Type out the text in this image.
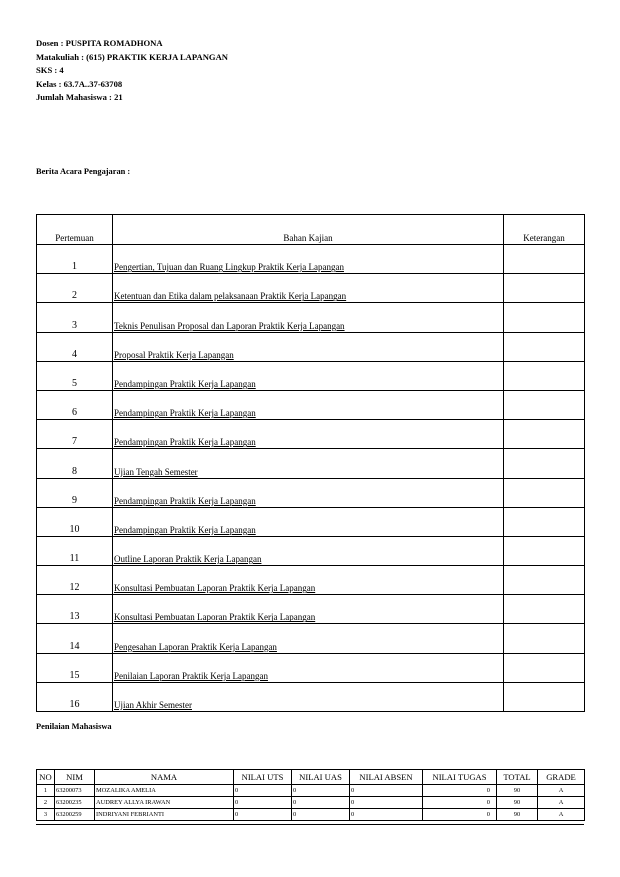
Dosen : PUSPITA ROMADHONA
Matakuliah : (615) PRAKTIK KERJA LAPANGAN
SKS : 4
Kelas : 63.7A..37-63708
Jumlah Mahasiswa : 21
Berita Acara Pengajaran :
Pertemuan	Bahan Kajian	Keterangan
1	Pengertian, Tujuan dan Ruang Lingkup Praktik Kerja Lapangan	
2	Ketentuan dan Etika dalam pelaksanaan Praktik Kerja Lapangan	
3	Teknis Penulisan Proposal dan Laporan Praktik Kerja Lapangan	
4	Proposal Praktik Kerja Lapangan	
5	Pendampingan Praktik Kerja Lapangan	
6	Pendampingan Praktik Kerja Lapangan	
7	Pendampingan Praktik Kerja Lapangan	
8	Ujian Tengah Semester	
9	Pendampingan Praktik Kerja Lapangan	
10	Pendampingan Praktik Kerja Lapangan	
11	Outline Laporan Praktik Kerja Lapangan	
12	Konsultasi Pembuatan Laporan Praktik Kerja Lapangan	
13	Konsultasi Pembuatan Laporan Praktik Kerja Lapangan	
14	Pengesahan Laporan Praktik Kerja Lapangan	
15	Penilaian Laporan Praktik Kerja Lapangan	
16	Ujian Akhir Semester	
Penilaian Mahasiswa
NO	NIM	NAMA	NILAI UTS	NILAI UAS	NILAI ABSEN	NILAI TUGAS	TOTAL	GRADE
1	63200073	MOZALIKA AMELIA	0	0	0	0	90	A
2	63200235	AUDREY ALLYA IRAWAN	0	0	0	0	90	A
3	63200259	INDRIYANI FEBRIANTI	0	0	0	0	90	A
